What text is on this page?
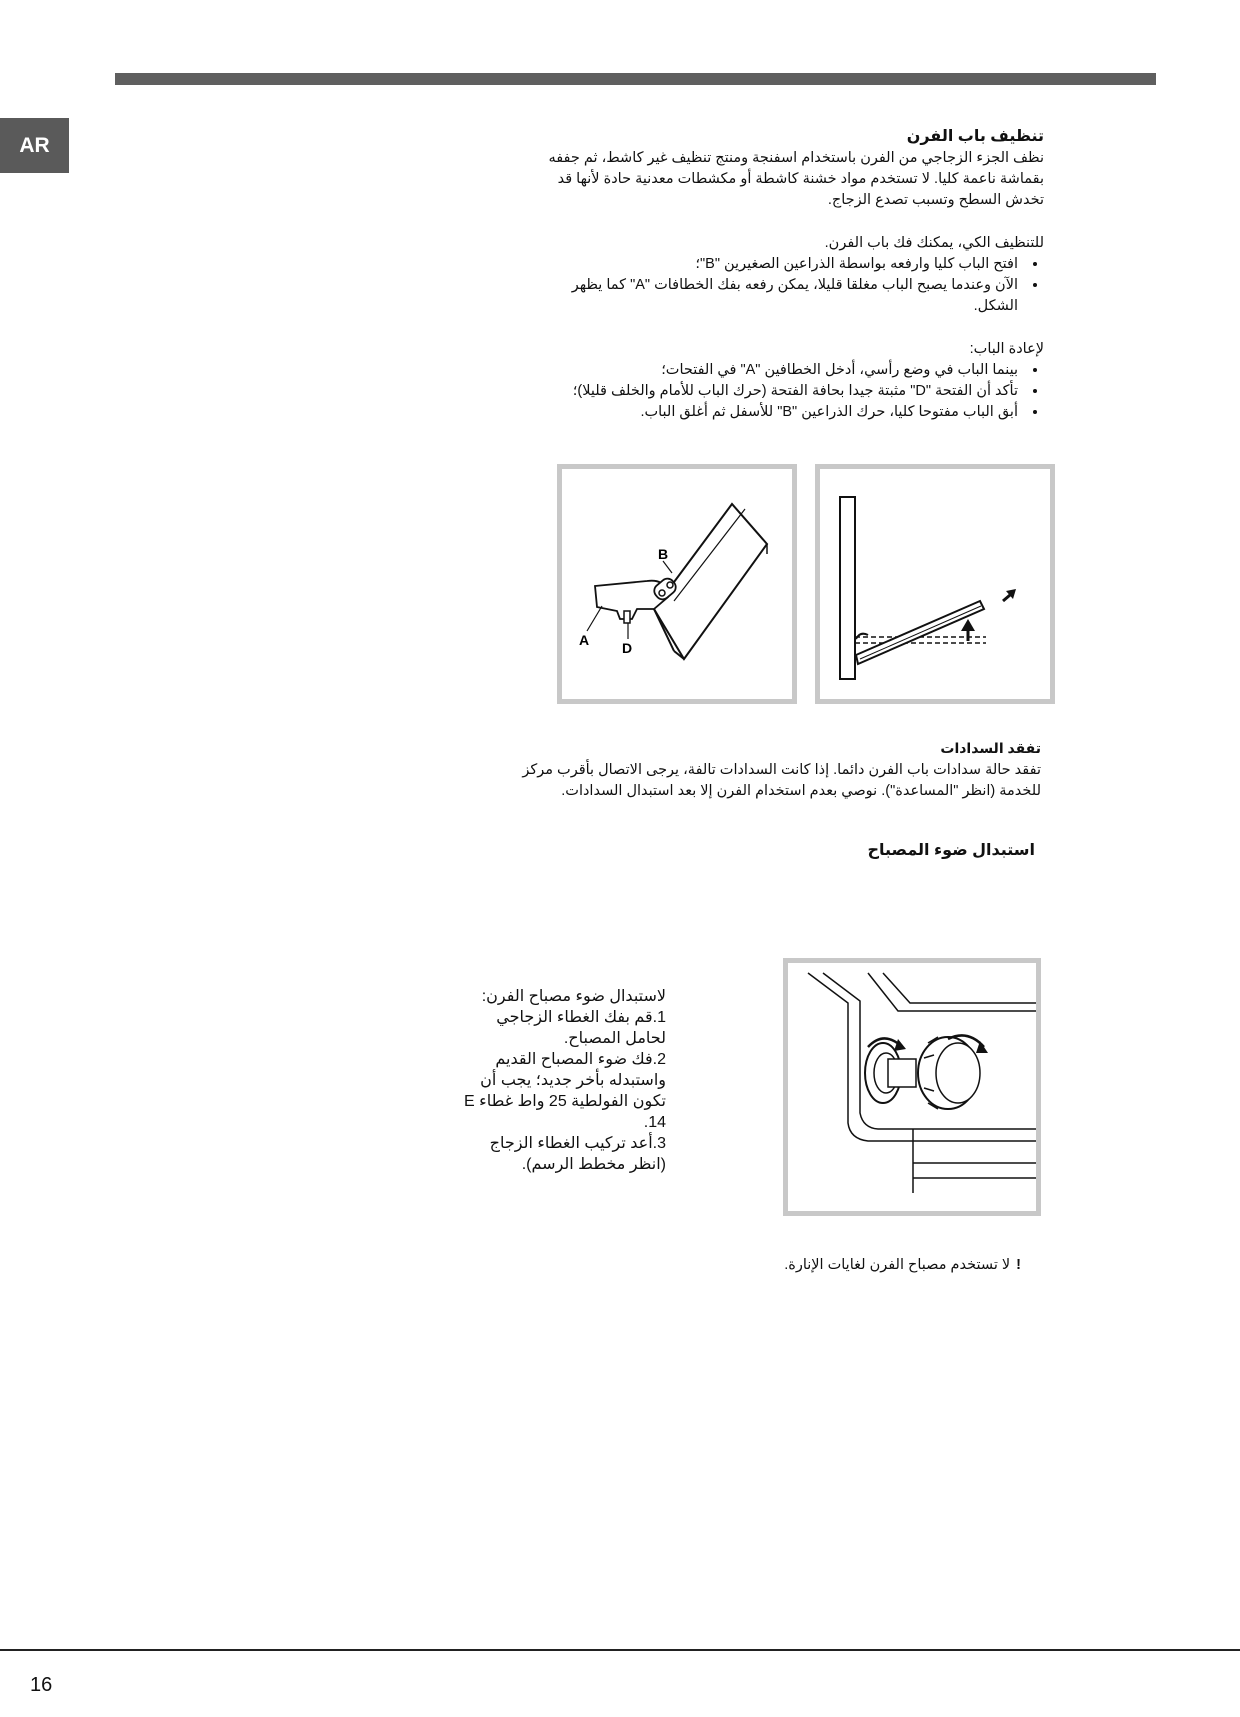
AR	تنظيف باب الفرن
نظف الجزء الزجاجي من الفرن باستخدام اسفنجة ومنتج تنظيف غير كاشط، ثم جففه بقماشة ناعمة كليا. لا تستخدم مواد خشنة كاشطة أو مكشطات معدنية حادة لأنها قد تخدش السطح وتسبب تصدع الزجاج.
للتنظيف الكي، يمكنك فك باب الفرن.
• افتح الباب كليا وارفعه بواسطة الذراعين الصغيرين "B"؛
• الآن وعندما يصبح الباب مغلقا قليلا، يمكن رفعه بفك الخطافات "A" كما يظهر الشكل.
لإعادة الباب:
• بينما الباب في وضع رأسي، أدخل الخطافين "A" في الفتحات؛
• تأكد أن الفتحة "D" مثبتة جيدا بحافة الفتحة (حرك الباب للأمام والخلف قليلا)؛
• أبق الباب مفتوحا كليا، حرك الذراعين "B" للأسفل ثم أغلق الباب.
B
A D
تفقد السدادات
تفقد حالة سدادات باب الفرن دائما. إذا كانت السدادات تالفة، يرجى الاتصال بأقرب مركز للخدمة (انظر "المساعدة"). نوصي بعدم استخدام الفرن إلا بعد استبدال السدادات.
استبدال ضوء المصباح
لاستبدال ضوء مصباح الفرن:
1.قم بفك الغطاء الزجاجي لحامل المصباح.
2.فك ضوء المصباح القديم واستبدله بأخر جديد؛ يجب أن تكون الفولطية 25 واط غطاء E 14.
3.أعد تركيب الغطاء الزجاج (انظر مخطط الرسم).
!لا تستخدم مصباح الفرن لغايات الإنارة.
16
